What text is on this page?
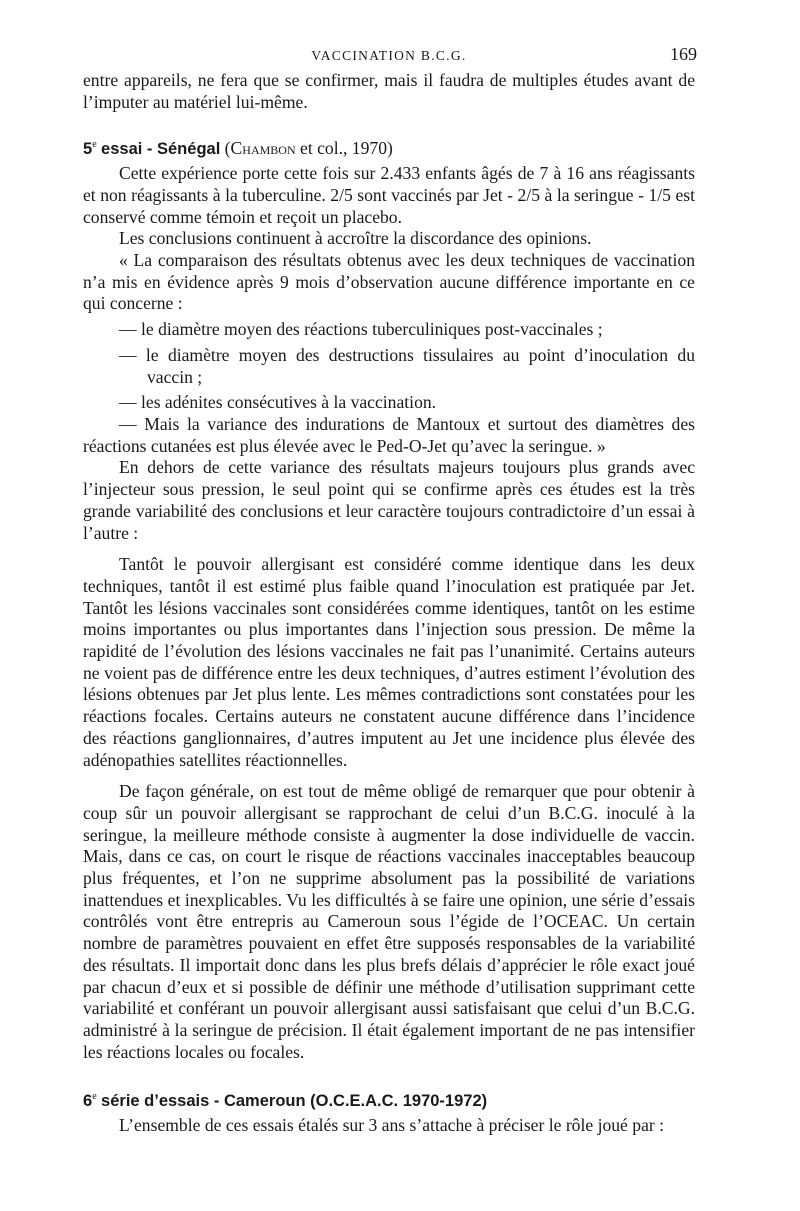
VACCINATION B.C.G.	169

entre appareils, ne fera que se confirmer, mais il faudra de multiples études avant de l’imputer au matériel lui-même.

5e essai - Sénégal (Chambon et col., 1970)

Cette expérience porte cette fois sur 2.433 enfants âgés de 7 à 16 ans réagissants et non réagissants à la tuberculine. 2/5 sont vaccinés par Jet - 2/5 à la seringue - 1/5 est conservé comme témoin et reçoit un placebo.

Les conclusions continuent à accroître la discordance des opinions.

« La comparaison des résultats obtenus avec les deux techniques de vaccination n’a mis en évidence après 9 mois d’observation aucune différence importante en ce qui concerne :

— le diamètre moyen des réactions tuberculiniques post-vaccinales ;

— le diamètre moyen des destructions tissulaires au point d’inoculation du vaccin ;

— les adénites consécutives à la vaccination.

— Mais la variance des indurations de Mantoux et surtout des diamètres des réactions cutanées est plus élevée avec le Ped-O-Jet qu’avec la seringue. »

En dehors de cette variance des résultats majeurs toujours plus grands avec l’injecteur sous pression, le seul point qui se confirme après ces études est la très grande variabilité des conclusions et leur caractère toujours contradictoire d’un essai à l’autre :

Tantôt le pouvoir allergisant est considéré comme identique dans les deux techniques, tantôt il est estimé plus faible quand l’inoculation est pratiquée par Jet. Tantôt les lésions vaccinales sont considérées comme identiques, tantôt on les estime moins importantes ou plus importantes dans l’injection sous pression. De même la rapidité de l’évolution des lésions vaccinales ne fait pas l’unanimité. Certains auteurs ne voient pas de différence entre les deux techniques, d’autres estiment l’évolution des lésions obtenues par Jet plus lente. Les mêmes contradictions sont constatées pour les réactions focales. Certains auteurs ne constatent aucune différence dans l’incidence des réactions ganglionnaires, d’autres imputent au Jet une incidence plus élevée des adénopathies satellites réactionnelles.

De façon générale, on est tout de même obligé de remarquer que pour obtenir à coup sûr un pouvoir allergisant se rapprochant de celui d’un B.C.G. inoculé à la seringue, la meilleure méthode consiste à augmenter la dose individuelle de vaccin. Mais, dans ce cas, on court le risque de réactions vaccinales inacceptables beaucoup plus fréquentes, et l’on ne supprime absolument pas la possibilité de variations inattendues et inexplicables. Vu les difficultés à se faire une opinion, une série d’essais contrôlés vont être entrepris au Cameroun sous l’égide de l’OCEAC. Un certain nombre de paramètres pouvaient en effet être supposés responsables de la variabilité des résultats. Il importait donc dans les plus brefs délais d’apprécier le rôle exact joué par chacun d’eux et si possible de définir une méthode d’utilisation supprimant cette variabilité et conférant un pouvoir allergisant aussi satisfaisant que celui d’un B.C.G. administré à la seringue de précision. Il était également important de ne pas intensifier les réactions locales ou focales.

6e série d’essais - Cameroun (O.C.E.A.C. 1970-1972)

L’ensemble de ces essais étalés sur 3 ans s’attache à préciser le rôle joué par :
